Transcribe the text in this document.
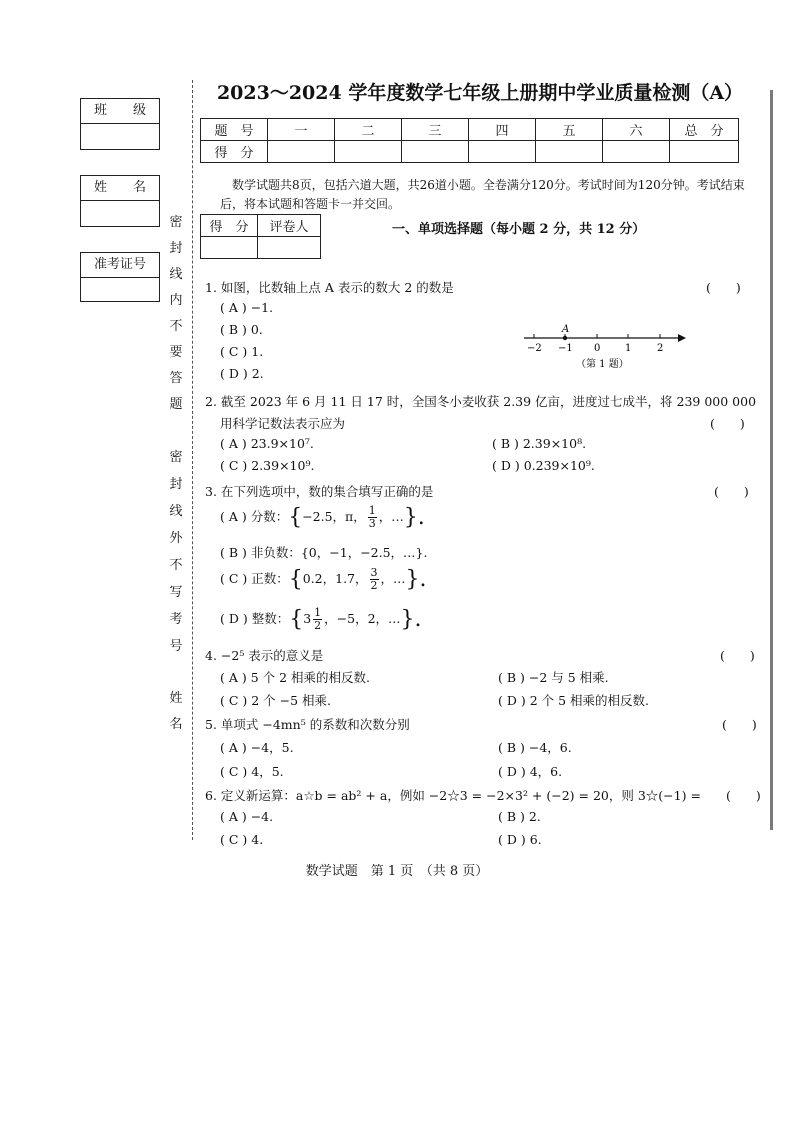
班　　级
姓　　名
准考证号
密
封
线
内
不
要
答
题
密
封
线
外
不
写
考
号
姓
名
2023～2024 学年度数学七年级上册期中学业质量检测（A）
题　号	一	二	三	四	五	六	总　分
得　分							
数学试题共8页，包括六道大题，共26道小题。全卷满分120分。考试时间为120分钟。考试结束后，将本试题和答题卡一并交回。
得　分	评卷人
		一、单项选择题（每小题 2 分，共 12 分）
1. 如图，比数轴上点 A 表示的数大 2 的数是	(　　)
( A ) −1.
( B ) 0.
( C ) 1.
( D ) 2.
A
−2 −1 0 1	2
（第 1 题）
2. 截至 2023 年 6 月 11 日 17 时，全国冬小麦收获 2.39 亿亩，进度过七成半，将 239 000 000
用科学记数法表示应为	(　　)
( A ) 23.9×10⁷.	( B ) 2.39×10⁸.
( C ) 2.39×10⁹.	( D ) 0.239×10⁹.
3. 在下列选项中，数的集合填写正确的是	(　　)
( A ) 分数：{−2.5，π， $\frac{1}{3}$ ，…}.
( B ) 非负数：{0，−1，−2.5，…}.
( C ) 正数：{0.2，1.7， $\frac{3}{2}$ ，…}.
( D ) 整数：{$3 \frac{1}{2}$ ，−5，2，…}.
4. −2⁵ 表示的意义是	(　　)
( A ) 5 个 2 相乘的相反数.	( B ) −2 与 5 相乘.
( C ) 2 个 −5 相乘.	( D ) 2 个 5 相乘的相反数.
5. 单项式 −4mn⁵ 的系数和次数分别	(　　)
( A ) −4，5.	( B ) −4，6.
( C ) 4，5.	( D ) 4，6.
6. 定义新运算：a☆b = ab² + a，例如 −2☆3 = −2×3² + (−2) = 20，则 3☆(−1) = (　　)
( A ) −4.	( B ) 2.
( C ) 4.	( D ) 6.
数学试题　第 1 页　（共 8 页）
